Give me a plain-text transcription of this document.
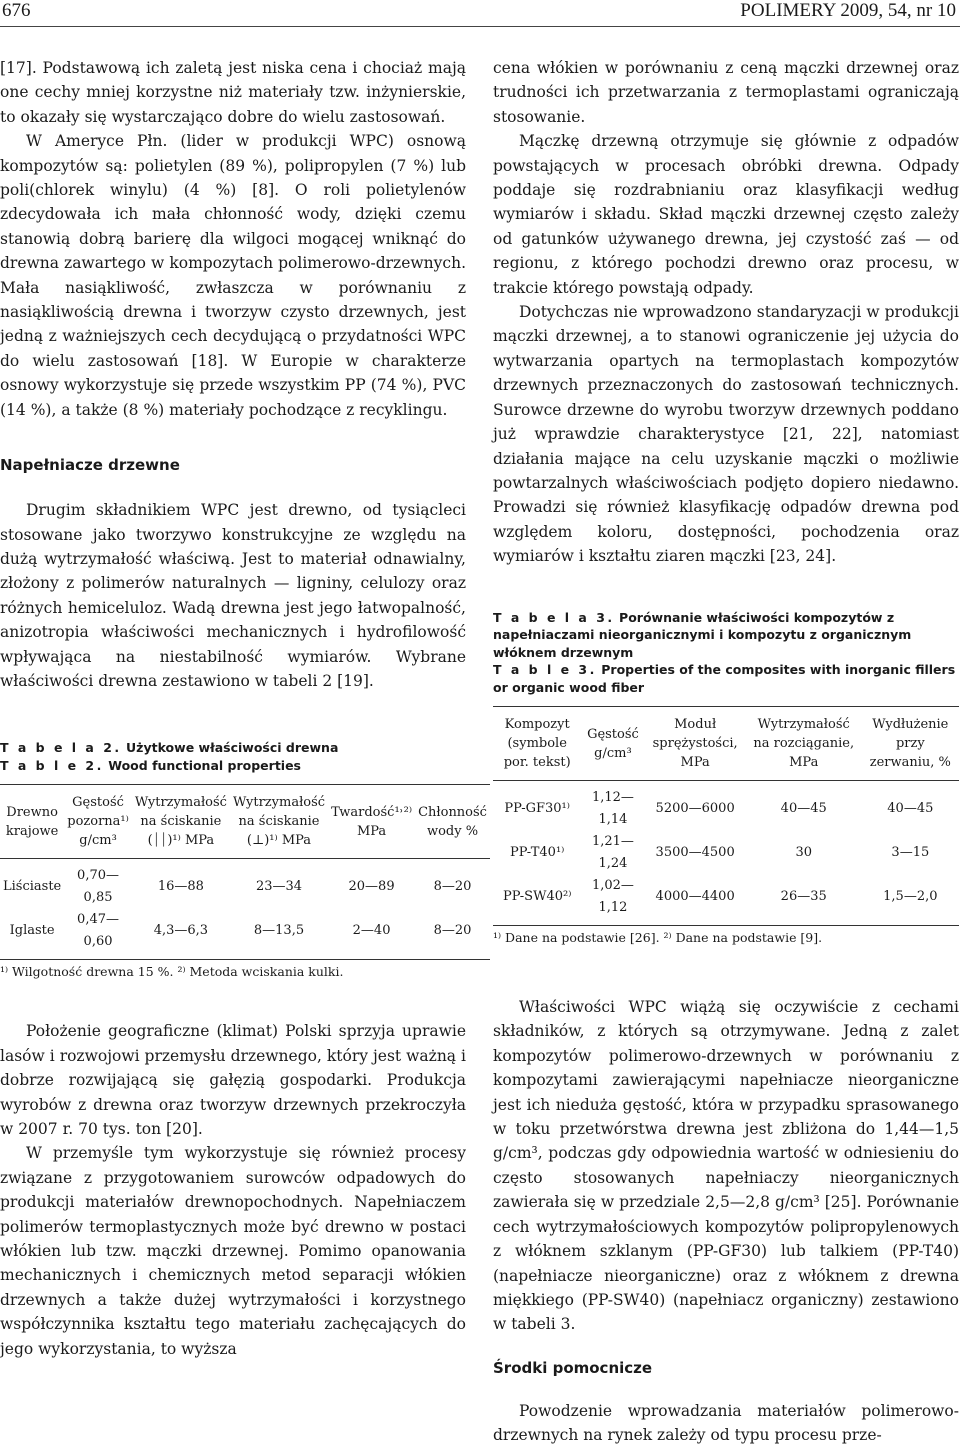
676	POLIMERY 2009, 54, nr 10

[17]. Podstawową ich zaletą jest niska cena i chociaż mają one cechy mniej korzystne niż materiały tzw. inżynierskie, to okazały się wystarczająco dobre do wielu zastosowań.

W Ameryce Płn. (lider w produkcji WPC) osnową kompozytów są: polietylen (89 %), polipropylen (7 %) lub poli(chlorek winylu) (4 %) [8]. O roli polietylenów zdecydowała ich mała chłonność wody, dzięki czemu stanowią dobrą barierę dla wilgoci mogącej wniknąć do drewna zawartego w kompozytach polimerowo-drzewnych. Mała nasiąkliwość, zwłaszcza w porównaniu z nasiąkliwością drewna i tworzyw czysto drzewnych, jest jedną z ważniejszych cech decydującą o przydatności WPC do wielu zastosowań [18]. W Europie w charakterze osnowy wykorzystuje się przede wszystkim PP (74 %), PVC (14 %), a także (8 %) materiały pochodzące z recyklingu.

Napełniacze drzewne

Drugim składnikiem WPC jest drewno, od tysiącleci stosowane jako tworzywo konstrukcyjne ze względu na dużą wytrzymałość właściwą. Jest to materiał odnawialny, złożony z polimerów naturalnych — ligniny, celulozy oraz różnych hemiceluloz. Wadą drewna jest jego łatwopalność, anizotropia właściwości mechanicznych i hydrofilowość wpływająca na niestabilność wymiarów. Wybrane właściwości drewna zestawiono w tabeli 2 [19].

T a b e l a 2. Użytkowe właściwości drewna
T a b l e 2. Wood functional properties
Drewno krajowe	Gęstość pozorna¹⁾ g/cm³	Wytrzymałość na ściskanie (⏐⏐)¹⁾ MPa	Wytrzymałość na ściskanie (⊥)¹⁾ MPa	Twardość¹˒²⁾ MPa	Chłonność wody %
Liściaste	0,70—0,85	16—88	23—34	20—89	8—20
Iglaste	0,47—0,60	4,3—6,3	8—13,5	2—40	8—20
¹⁾ Wilgotność drewna 15 %. ²⁾ Metoda wciskania kulki.

Położenie geograficzne (klimat) Polski sprzyja uprawie lasów i rozwojowi przemysłu drzewnego, który jest ważną i dobrze rozwijającą się gałęzią gospodarki. Produkcja wyrobów z drewna oraz tworzyw drzewnych przekroczyła w 2007 r. 70 tys. ton [20].

W przemyśle tym wykorzystuje się również procesy związane z przygotowaniem surowców odpadowych do produkcji materiałów drewnopochodnych. Napełniaczem polimerów termoplastycznych może być drewno w postaci włókien lub tzw. mączki drzewnej. Pomimo opanowania mechanicznych i chemicznych metod separacji włókien drzewnych a także dużej wytrzymałości i korzystnego współczynnika kształtu tego materiału zachęcających do jego wykorzystania, to wyższa

cena włókien w porównaniu z ceną mączki drzewnej oraz trudności ich przetwarzania z termoplastami ograniczają stosowanie.

Mączkę drzewną otrzymuje się głównie z odpadów powstających w procesach obróbki drewna. Odpady poddaje się rozdrabnianiu oraz klasyfikacji według wymiarów i składu. Skład mączki drzewnej często zależy od gatunków używanego drewna, jej czystość zaś — od regionu, z którego pochodzi drewno oraz procesu, w trakcie którego powstają odpady.

Dotychczas nie wprowadzono standaryzacji w produkcji mączki drzewnej, a to stanowi ograniczenie jej użycia do wytwarzania opartych na termoplastach kompozytów drzewnych przeznaczonych do zastosowań technicznych. Surowce drzewne do wyrobu tworzyw drzewnych poddano już wprawdzie charakterystyce [21, 22], natomiast działania mające na celu uzyskanie mączki o możliwie powtarzalnych właściwościach podjęto dopiero niedawno. Prowadzi się również klasyfikację odpadów drewna pod względem koloru, dostępności, pochodzenia oraz wymiarów i kształtu ziaren mączki [23, 24].

T a b e l a 3. Porównanie właściwości kompozytów z napełniaczami nieorganicznymi i kompozytu z organicznym włóknem drzewnym
T a b l e 3. Properties of the composites with inorganic fillers or organic wood fiber
Kompozyt (symbole por. tekst)	Gęstość g/cm³	Moduł sprężystości, MPa	Wytrzymałość na rozciąganie, MPa	Wydłużenie przy zerwaniu, %
PP-GF30¹⁾	1,12—1,14	5200—6000	40—45	40—45
PP-T40¹⁾	1,21—1,24	3500—4500	30	3—15
PP-SW40²⁾	1,02—1,12	4000—4400	26—35	1,5—2,0
¹⁾ Dane na podstawie [26]. ²⁾ Dane na podstawie [9].

Właściwości WPC wiążą się oczywiście z cechami składników, z których są otrzymywane. Jedną z zalet kompozytów polimerowo-drzewnych w porównaniu z kompozytami zawierającymi napełniacze nieorganiczne jest ich nieduża gęstość, która w przypadku sprasowanego w toku przetwórstwa drewna jest zbliżona do 1,44—1,5 g/cm³, podczas gdy odpowiednia wartość w odniesieniu do często stosowanych napełniaczy nieorganicznych zawierała się w przedziale 2,5—2,8 g/cm³ [25]. Porównanie cech wytrzymałościowych kompozytów polipropylenowych z włóknem szklanym (PP-GF30) lub talkiem (PP-T40) (napełniacze nieorganiczne) oraz z włóknem z drewna miękkiego (PP-SW40) (napełniacz organiczny) zestawiono w tabeli 3.

Środki pomocnicze

Powodzenie wprowadzania materiałów polimerowo-drzewnych na rynek zależy od typu procesu prze-
